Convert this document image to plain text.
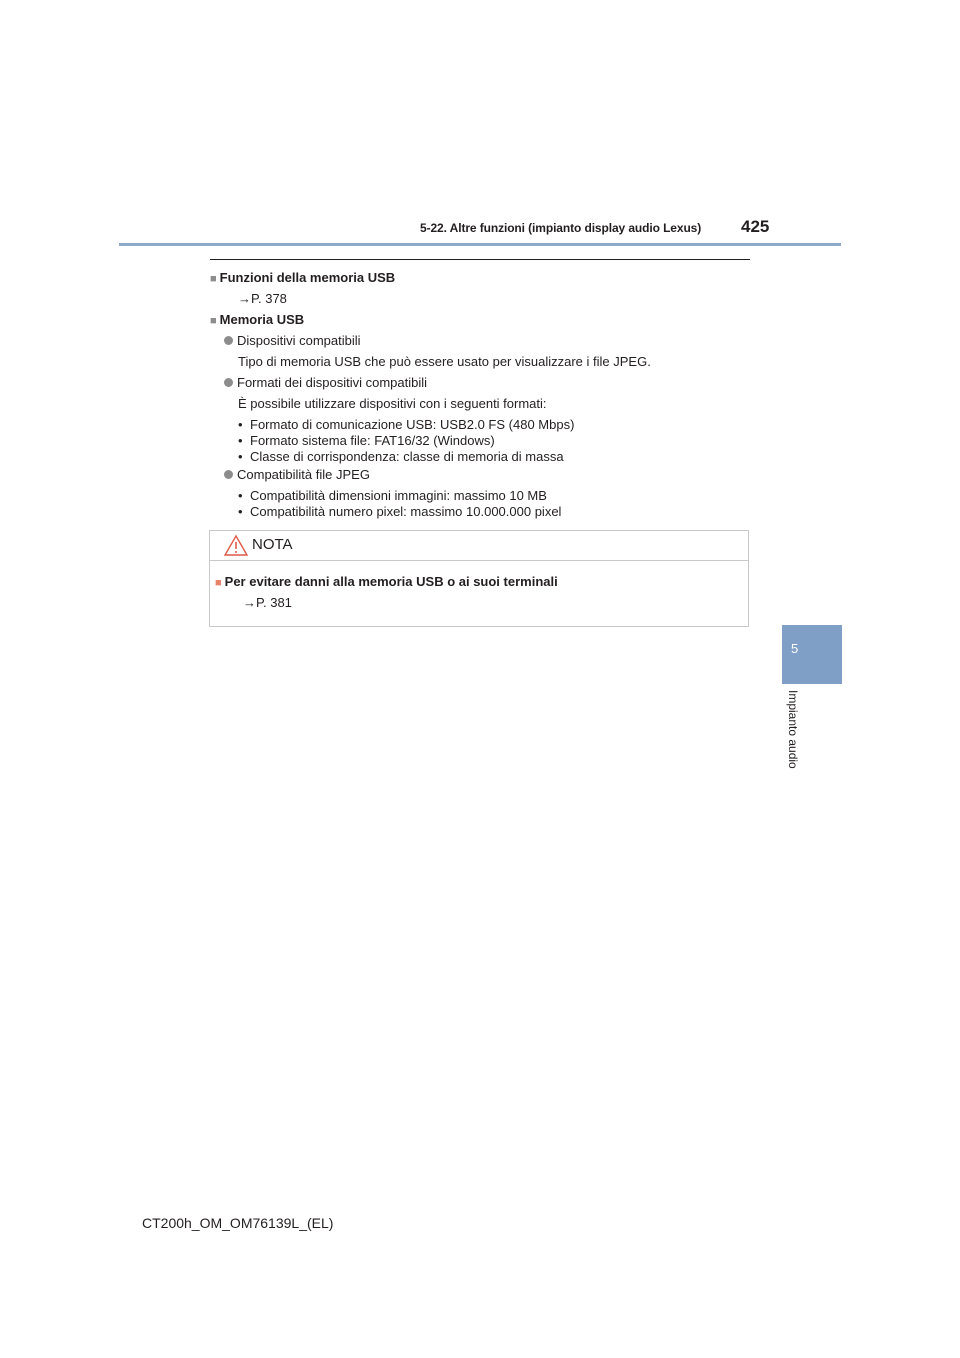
5-22. Altre funzioni (impianto display audio Lexus) 425
5
Impianto audio
■ Funzioni della memoria USB
→P. 378
■ Memoria USB
Dispositivi compatibili
Tipo di memoria USB che può essere usato per visualizzare i file JPEG.
Formati dei dispositivi compatibili
È possibile utilizzare dispositivi con i seguenti formati:
• Formato di comunicazione USB: USB2.0 FS (480 Mbps)
• Formato sistema file: FAT16/32 (Windows)
• Classe di corrispondenza: classe di memoria di massa
Compatibilità file JPEG
• Compatibilità dimensioni immagini: massimo 10 MB
• Compatibilità numero pixel: massimo 10.000.000 pixel
NOTA
■ Per evitare danni alla memoria USB o ai suoi terminali
→P. 381
CT200h_OM_OM76139L_(EL)
